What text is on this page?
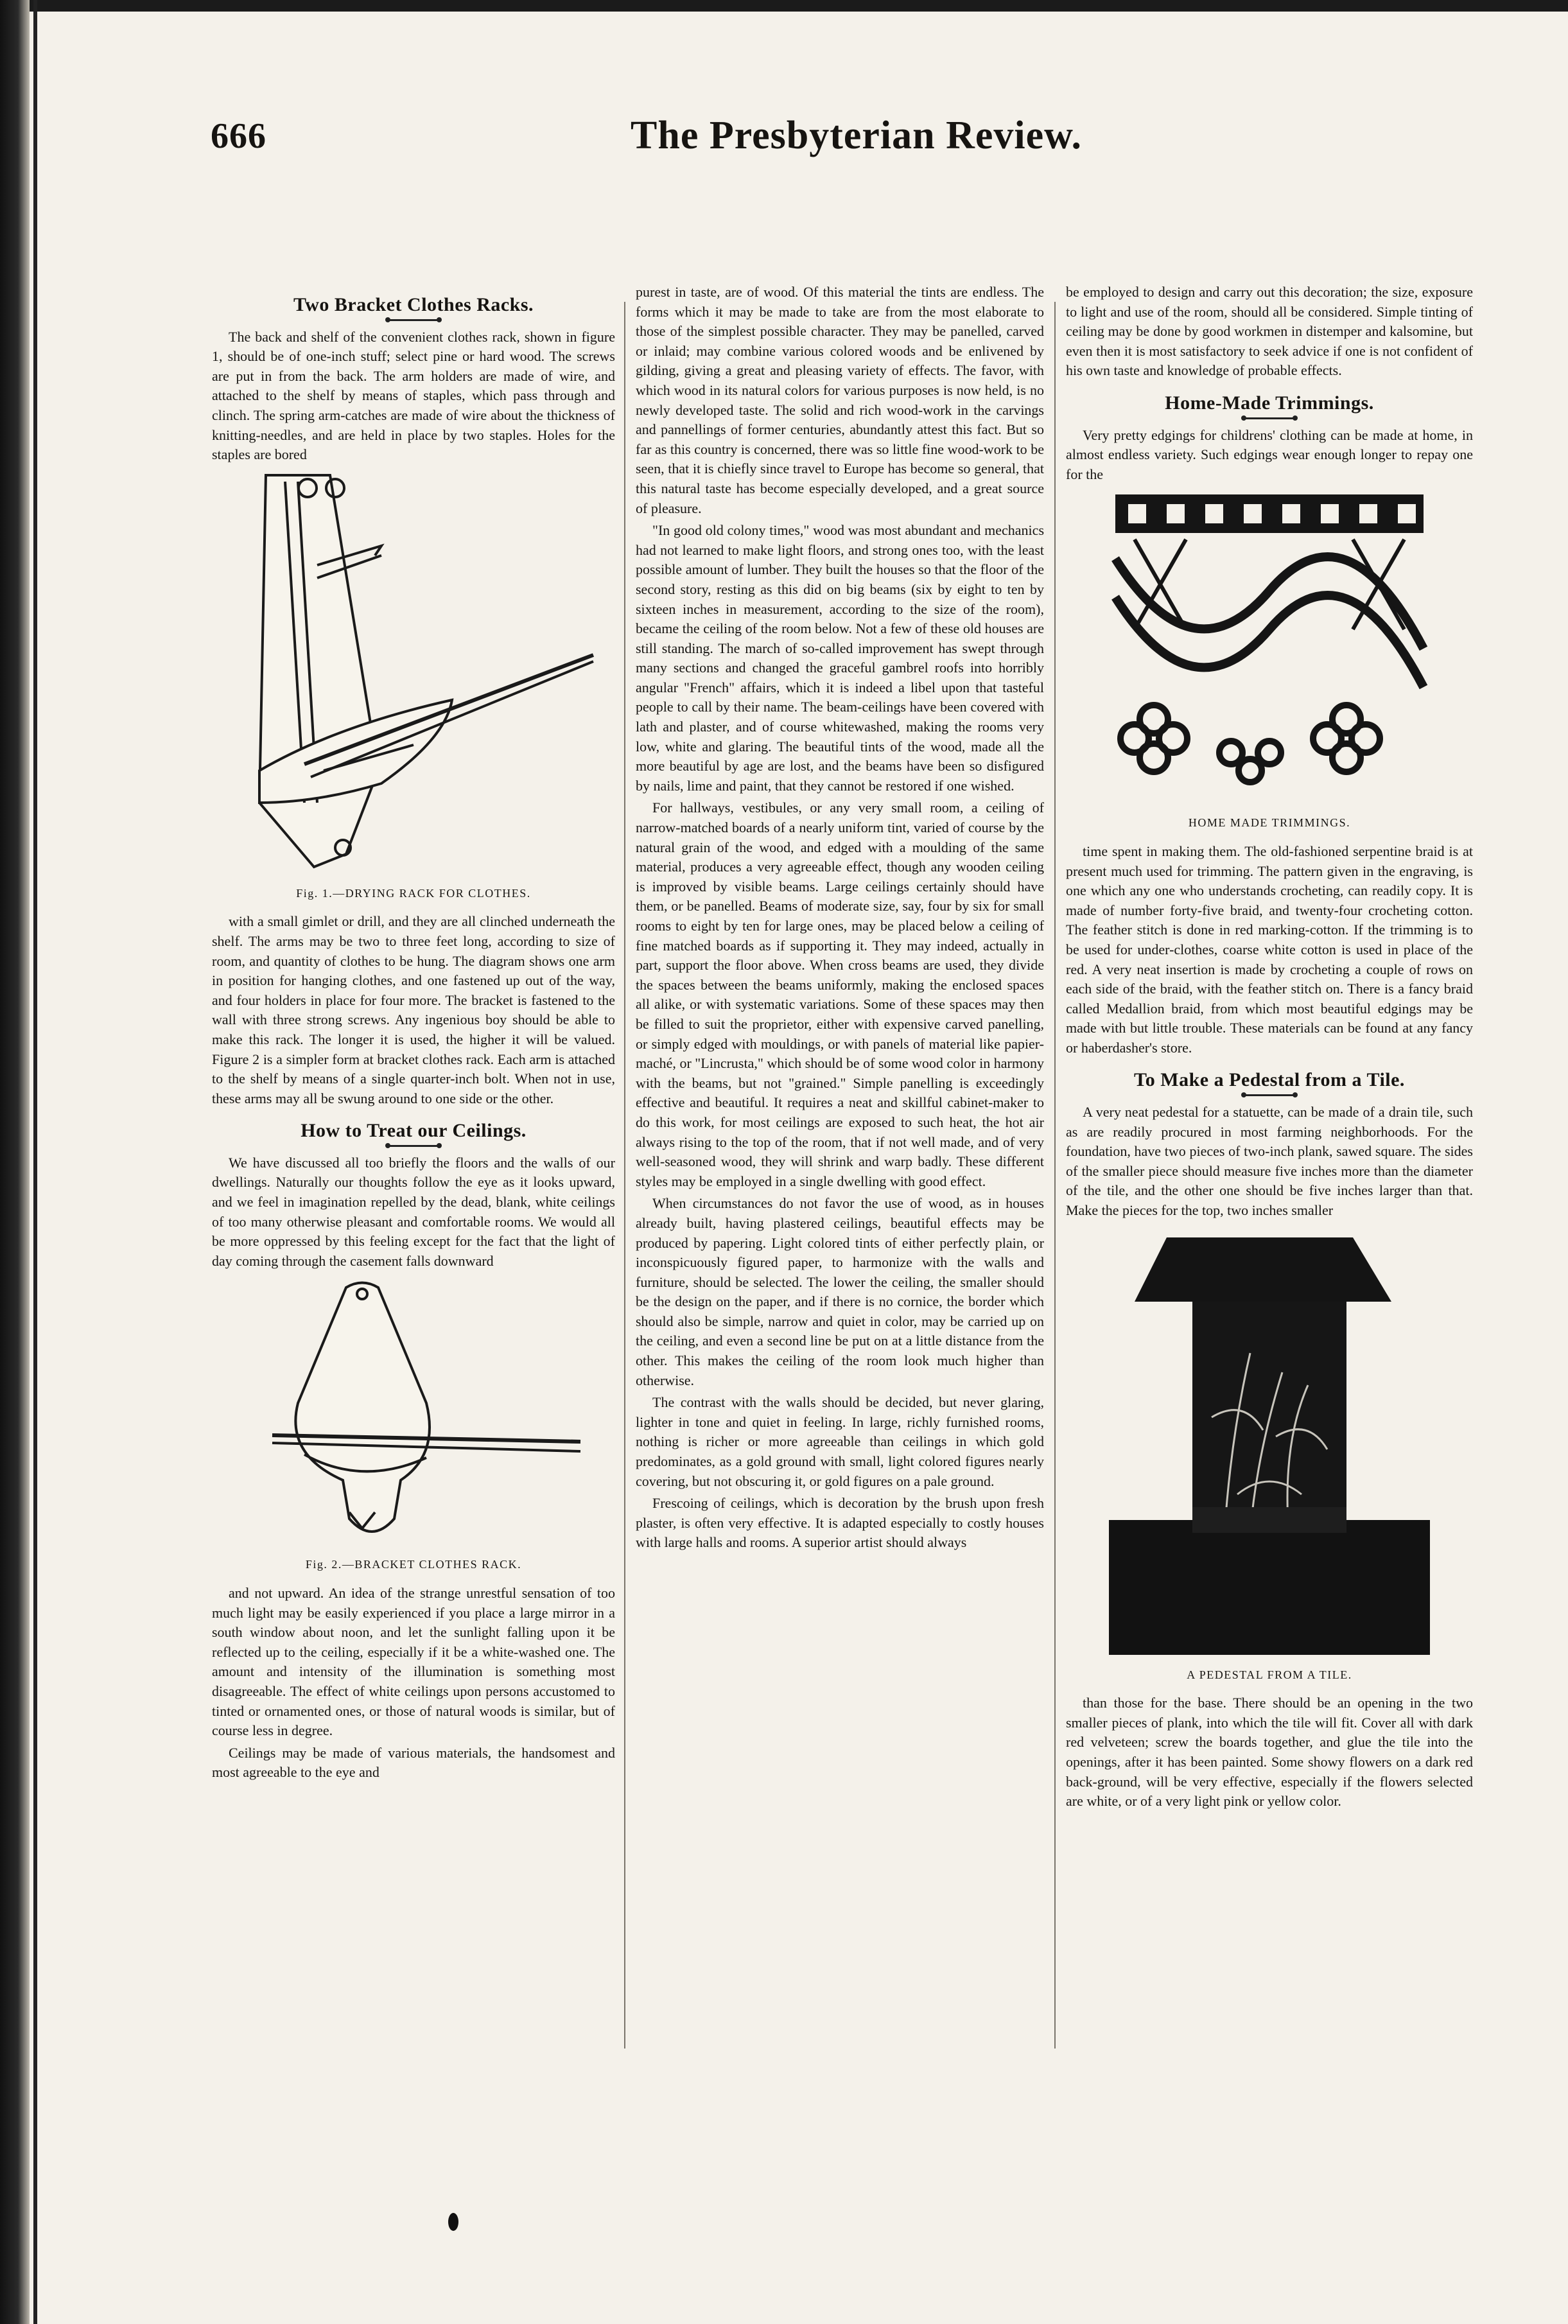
666	The Presbyterian Review.
Two Bracket Clothes Racks.

The back and shelf of the convenient clothes rack, shown in figure 1, should be of one-inch stuff; select pine or hard wood. The screws are put in from the back. The arm holders are made of wire, and attached to the shelf by means of staples, which pass through and clinch. The spring arm-catches are made of wire about the thickness of knitting-needles, and are held in place by two staples. Holes for the staples are bored

Fig. 1.—DRYING RACK FOR CLOTHES.

with a small gimlet or drill, and they are all clinched underneath the shelf. The arms may be two to three feet long, according to size of room, and quantity of clothes to be hung. The diagram shows one arm in position for hanging clothes, and one fastened up out of the way, and four holders in place for four more. The bracket is fastened to the wall with three strong screws. Any ingenious boy should be able to make this rack. The longer it is used, the higher it will be valued. Figure 2 is a simpler form at bracket clothes rack. Each arm is attached to the shelf by means of a single quarter-inch bolt. When not in use, these arms may all be swung around to one side or the other.

How to Treat our Ceilings.

We have discussed all too briefly the floors and the walls of our dwellings. Naturally our thoughts follow the eye as it looks upward, and we feel in imagination repelled by the dead, blank, white ceilings of too many otherwise pleasant and comfortable rooms. We would all be more oppressed by this feeling except for the fact that the light of day coming through the casement falls downward

Fig. 2.—BRACKET CLOTHES RACK.

and not upward. An idea of the strange unrestful sensation of too much light may be easily experienced if you place a large mirror in a south window about noon, and let the sunlight falling upon it be reflected up to the ceiling, especially if it be a white-washed one. The amount and intensity of the illumination is something most disagreeable. The effect of white ceilings upon persons accustomed to tinted or ornamented ones, or those of natural woods is similar, but of course less in degree.

Ceilings may be made of various materials, the handsomest and most agreeable to the eye and

purest in taste, are of wood. Of this material the tints are endless. The forms which it may be made to take are from the most elaborate to those of the simplest possible character. They may be panelled, carved or inlaid; may combine various colored woods and be enlivened by gilding, giving a great and pleasing variety of effects. The favor, with which wood in its natural colors for various purposes is now held, is no newly developed taste. The solid and rich wood-work in the carvings and pannellings of former centuries, abundantly attest this fact. But so far as this country is concerned, there was so little fine wood-work to be seen, that it is chiefly since travel to Europe has become so general, that this natural taste has become especially developed, and a great source of pleasure.

"In good old colony times," wood was most abundant and mechanics had not learned to make light floors, and strong ones too, with the least possible amount of lumber. They built the houses so that the floor of the second story, resting as this did on big beams (six by eight to ten by sixteen inches in measurement, according to the size of the room), became the ceiling of the room below. Not a few of these old houses are still standing. The march of so-called improvement has swept through many sections and changed the graceful gambrel roofs into horribly angular "French" affairs, which it is indeed a libel upon that tasteful people to call by their name. The beam-ceilings have been covered with lath and plaster, and of course whitewashed, making the rooms very low, white and glaring. The beautiful tints of the wood, made all the more beautiful by age are lost, and the beams have been so disfigured by nails, lime and paint, that they cannot be restored if one wished.

For hallways, vestibules, or any very small room, a ceiling of narrow-matched boards of a nearly uniform tint, varied of course by the natural grain of the wood, and edged with a moulding of the same material, produces a very agreeable effect, though any wooden ceiling is improved by visible beams. Large ceilings certainly should have them, or be panelled. Beams of moderate size, say, four by six for small rooms to eight by ten for large ones, may be placed below a ceiling of fine matched boards as if supporting it. They may indeed, actually in part, support the floor above. When cross beams are used, they divide the spaces between the beams uniformly, making the enclosed spaces all alike, or with systematic variations. Some of these spaces may then be filled to suit the proprietor, either with expensive carved panelling, or simply edged with mouldings, or with panels of material like papier-maché, or "Lincrusta," which should be of some wood color in harmony with the beams, but not "grained." Simple panelling is exceedingly effective and beautiful. It requires a neat and skillful cabinet-maker to do this work, for most ceilings are exposed to such heat, the hot air always rising to the top of the room, that if not well made, and of very well-seasoned wood, they will shrink and warp badly. These different styles may be employed in a single dwelling with good effect.

When circumstances do not favor the use of wood, as in houses already built, having plastered ceilings, beautiful effects may be produced by papering. Light colored tints of either perfectly plain, or inconspicuously figured paper, to harmonize with the walls and furniture, should be selected. The lower the ceiling, the smaller should be the design on the paper, and if there is no cornice, the border which should also be simple, narrow and quiet in color, may be carried up on the ceiling, and even a second line be put on at a little distance from the other. This makes the ceiling of the room look much higher than otherwise.

The contrast with the walls should be decided, but never glaring, lighter in tone and quiet in feeling. In large, richly furnished rooms, nothing is richer or more agreeable than ceilings in which gold predominates, as a gold ground with small, light colored figures nearly covering, but not obscuring it, or gold figures on a pale ground.

Frescoing of ceilings, which is decoration by the brush upon fresh plaster, is often very effective. It is adapted especially to costly houses with large halls and rooms. A superior artist should always

be employed to design and carry out this decoration; the size, exposure to light and use of the room, should all be considered. Simple tinting of ceiling may be done by good workmen in distemper and kalsomine, but even then it is most satisfactory to seek advice if one is not confident of his own taste and knowledge of probable effects.

Home-Made Trimmings.

Very pretty edgings for childrens' clothing can be made at home, in almost endless variety. Such edgings wear enough longer to repay one for the

HOME MADE TRIMMINGS.

time spent in making them. The old-fashioned serpentine braid is at present much used for trimming. The pattern given in the engraving, is one which any one who understands crocheting, can readily copy. It is made of number forty-five braid, and twenty-four crocheting cotton. The feather stitch is done in red marking-cotton. If the trimming is to be used for under-clothes, coarse white cotton is used in place of the red. A very neat insertion is made by crocheting a couple of rows on each side of the braid, with the feather stitch on. There is a fancy braid called Medallion braid, from which most beautiful edgings may be made with but little trouble. These materials can be found at any fancy or haberdasher's store.

To Make a Pedestal from a Tile.

A very neat pedestal for a statuette, can be made of a drain tile, such as are readily procured in most farming neighborhoods. For the foundation, have two pieces of two-inch plank, sawed square. The sides of the smaller piece should measure five inches more than the diameter of the tile, and the other one should be five inches larger than that. Make the pieces for the top, two inches smaller

A PEDESTAL FROM A TILE.

than those for the base. There should be an opening in the two smaller pieces of plank, into which the tile will fit. Cover all with dark red velveteen; screw the boards together, and glue the tile into the openings, after it has been painted. Some showy flowers on a dark red back-ground, will be very effective, especially if the flowers selected are white, or of a very light pink or yellow color.
